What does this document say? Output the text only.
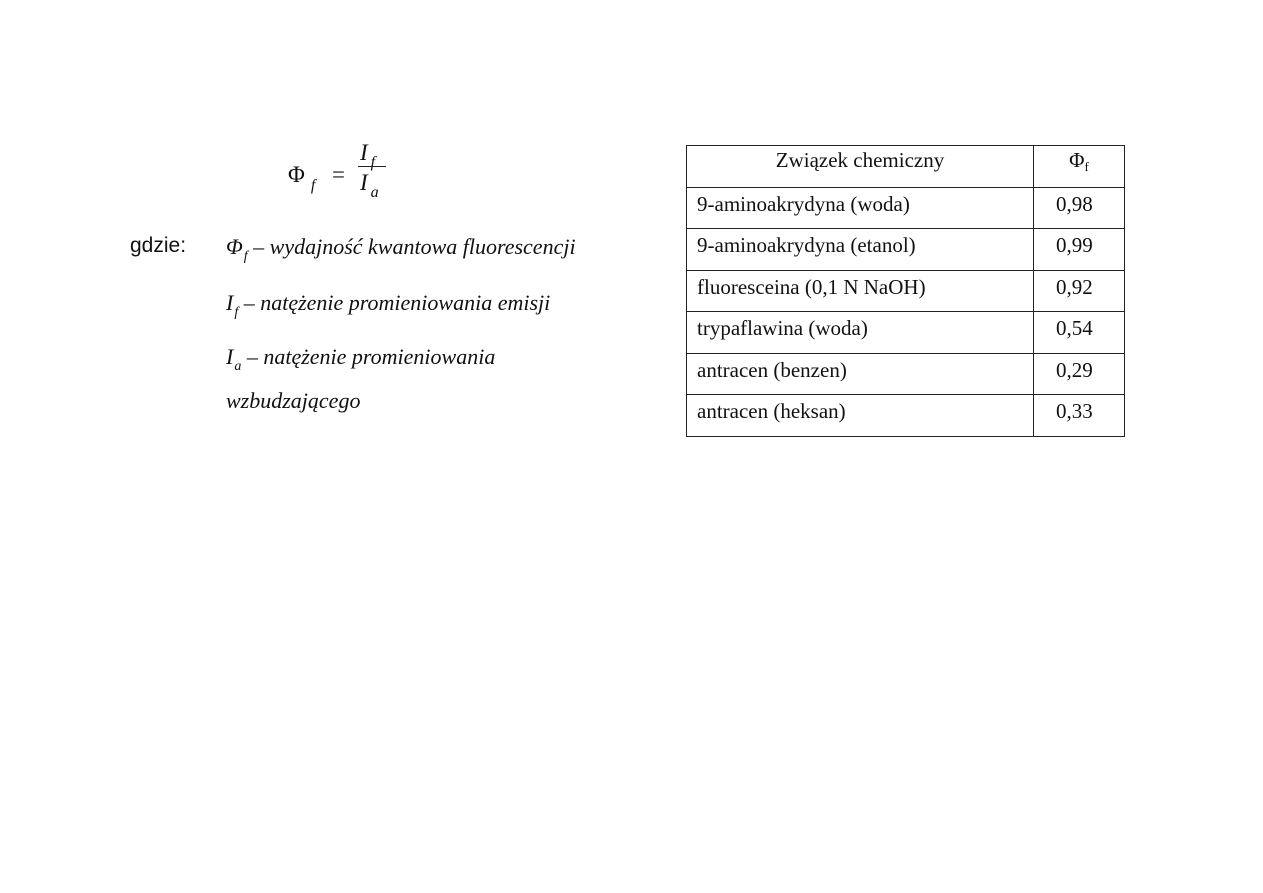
Φ $_f$ =
I $_f$
I $_a$
gdzie: $\Phi_f$ – wydajność kwantowa fluorescencji
$I_f$ – natężenie promieniowania emisji
$I_a$ – natężenie promieniowania
wzbudzającego
Związek chemiczny	Φf
9-aminoakrydyna (woda)	0,98
9-aminoakrydyna (etanol)	0,99
fluoresceina (0,1 N NaOH)	0,92
trypaflawina (woda)	0,54
antracen (benzen)	0,29
antracen (heksan)	0,33
